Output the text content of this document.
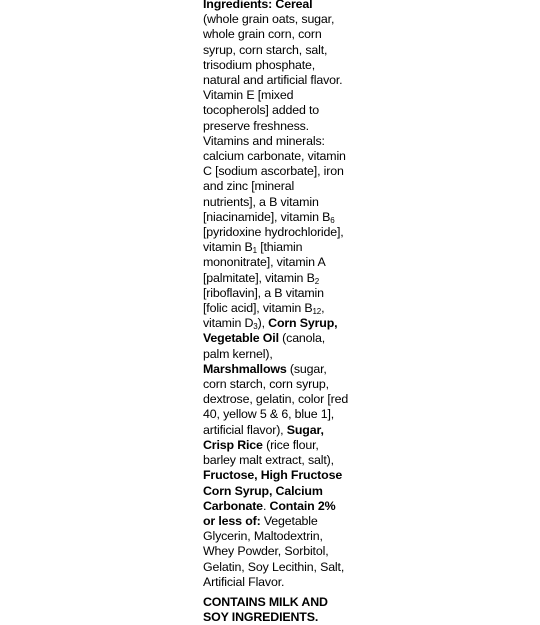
Ingredients: Cereal (whole grain oats, sugar, whole grain corn, corn syrup, corn starch, salt, trisodium phosphate, natural and artificial flavor. Vitamin E [mixed tocopherols] added to preserve freshness. Vitamins and minerals: calcium carbonate, vitamin C [sodium ascorbate], iron and zinc [mineral nutrients], a B vitamin [niacinamide], vitamin $B_6$ [pyridoxine hydrochloride], vitamin $B_1$ [thiamin mononitrate], vitamin A [palmitate], vitamin $B_2$ [riboflavin], a B vitamin [folic acid], vitamin $B_{12}$, vitamin $D_3$), Corn Syrup, Vegetable Oil (canola, palm kernel), Marshmallows (sugar, corn starch, corn syrup, dextrose, gelatin, color [red 40, yellow 5 & 6, blue 1], artificial flavor), Sugar, Crisp Rice (rice flour, barley malt extract, salt), Fructose, High Fructose Corn Syrup, Calcium Carbonate. Contain 2% or less of: Vegetable Glycerin, Maltodextrin, Whey Powder, Sorbitol, Gelatin, Soy Lecithin, Salt, Artificial Flavor.

CONTAINS MILK AND SOY INGREDIENTS.
